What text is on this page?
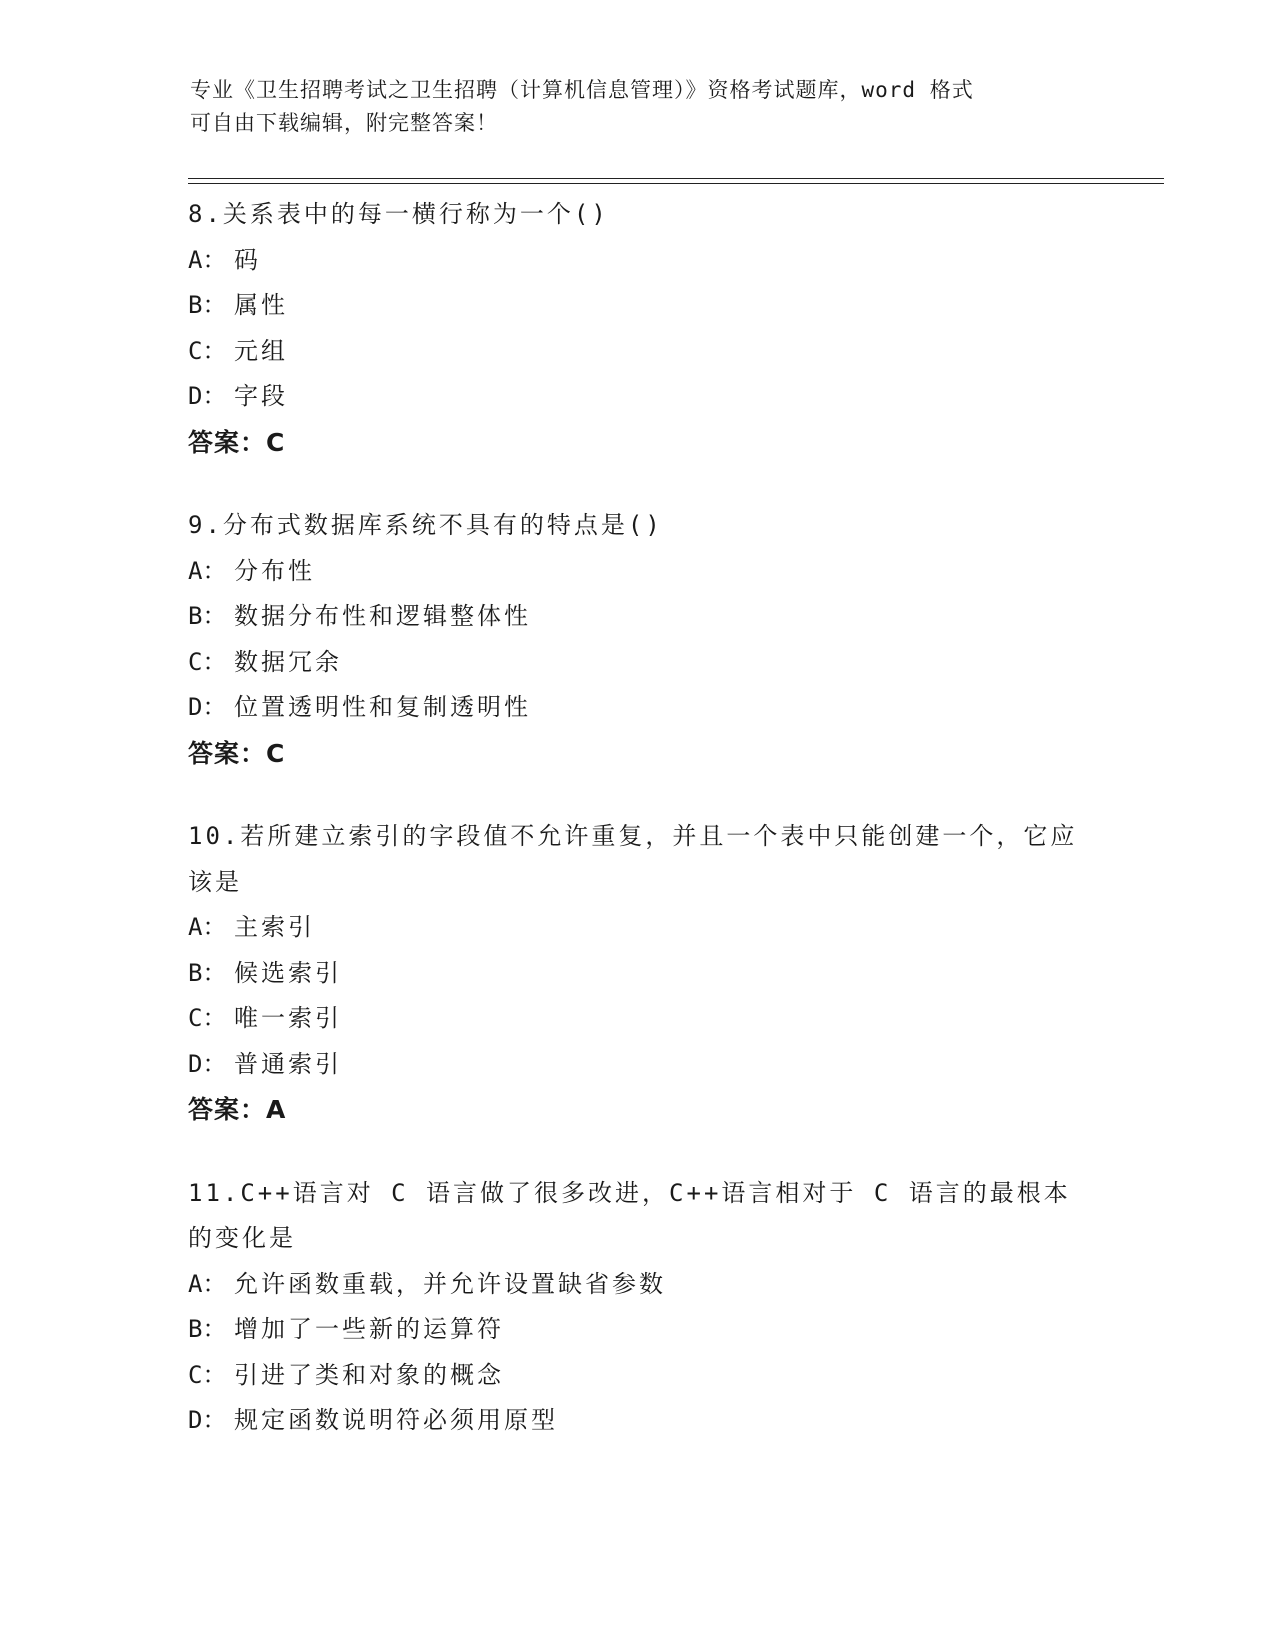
专业《卫生招聘考试之卫生招聘（计算机信息管理）》资格考试题库，word 格式
可自由下载编辑，附完整答案！

8.关系表中的每一横行称为一个()

A： 码

B： 属性

C： 元组

D： 字段

答案：C

9.分布式数据库系统不具有的特点是()

A： 分布性

B： 数据分布性和逻辑整体性

C： 数据冗余

D： 位置透明性和复制透明性

答案：C

10.若所建立索引的字段值不允许重复，并且一个表中只能创建一个，它应该是

A： 主索引

B： 候选索引

C： 唯一索引

D： 普通索引

答案：A

11.C++语言对 C 语言做了很多改进，C++语言相对于 C 语言的最根本的变化是

A： 允许函数重载，并允许设置缺省参数

B： 增加了一些新的运算符

C： 引进了类和对象的概念

D： 规定函数说明符必须用原型
